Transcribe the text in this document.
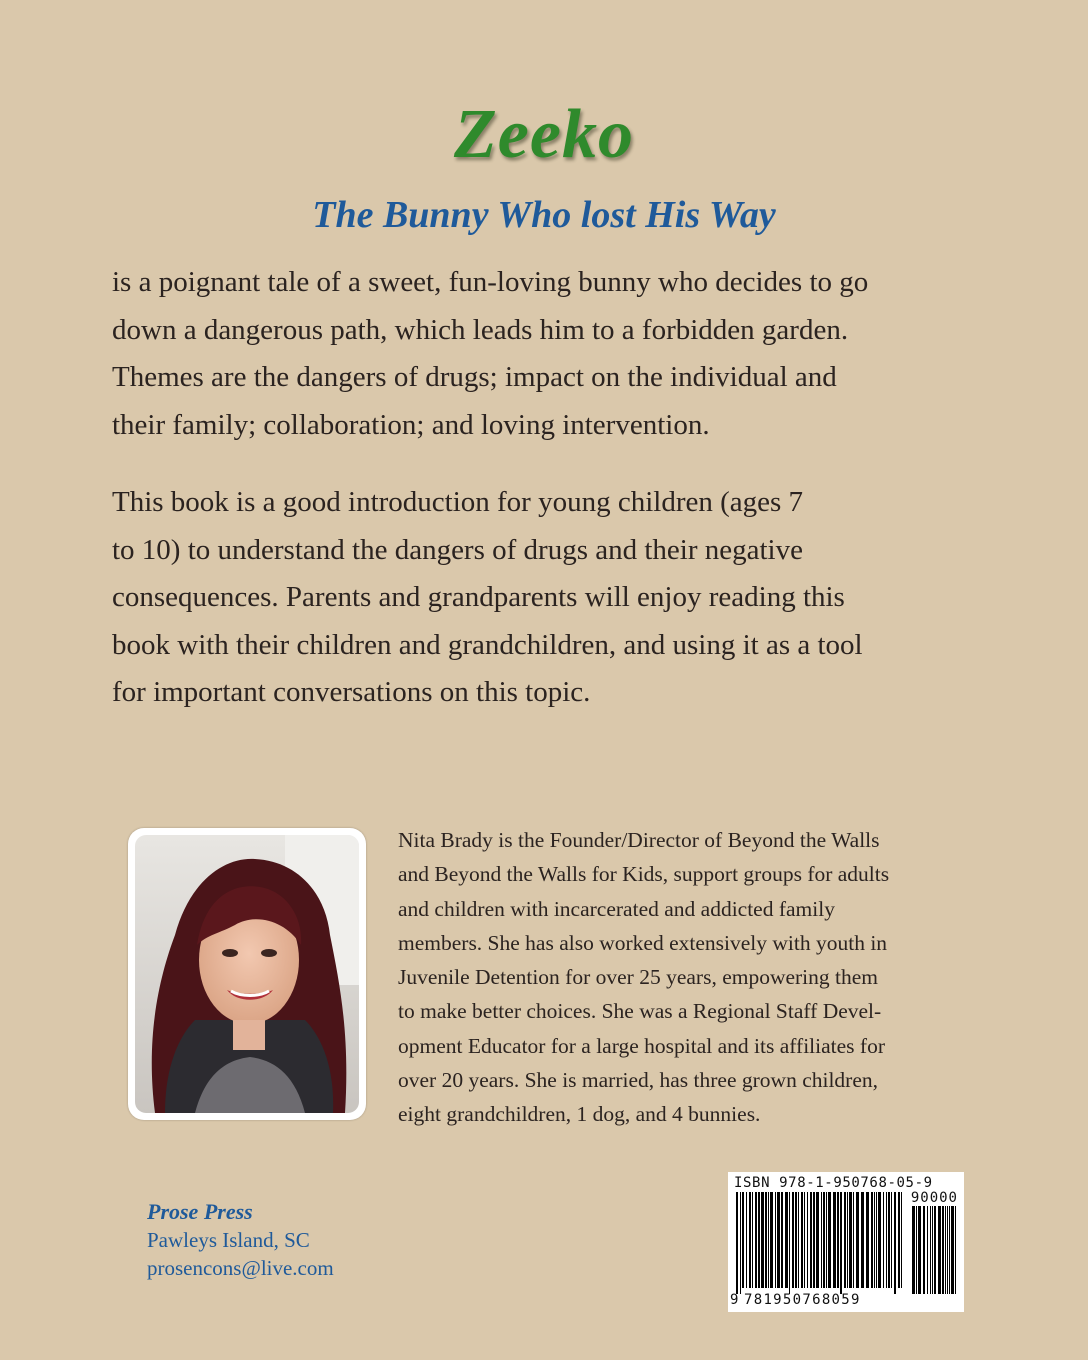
Zeeko
The Bunny Who lost His Way

is a poignant tale of a sweet, fun-loving bunny who decides to go
down a dangerous path, which leads him to a forbidden garden.
Themes are the dangers of drugs; impact on the individual and
their family; collaboration; and loving intervention.

This book is a good introduction for young children (ages 7
to 10) to understand the dangers of drugs and their negative
consequences. Parents and grandparents will enjoy reading this
book with their children and grandchildren, and using it as a tool
for important conversations on this topic.

Nita Brady is the Founder/Director of Beyond the Walls
and Beyond the Walls for Kids, support groups for adults
and children with incarcerated and addicted family
members. She has also worked extensively with youth in
Juvenile Detention for over 25 years, empowering them
to make better choices. She was a Regional Staff Devel-
opment Educator for a large hospital and its affiliates for
over 20 years. She is married, has three grown children,
eight grandchildren, 1 dog, and 4 bunnies.

Prose Press
Pawleys Island, SC
prosencons@live.com
ISBN 978-1-950768-05-9
90000
9 781950768059
